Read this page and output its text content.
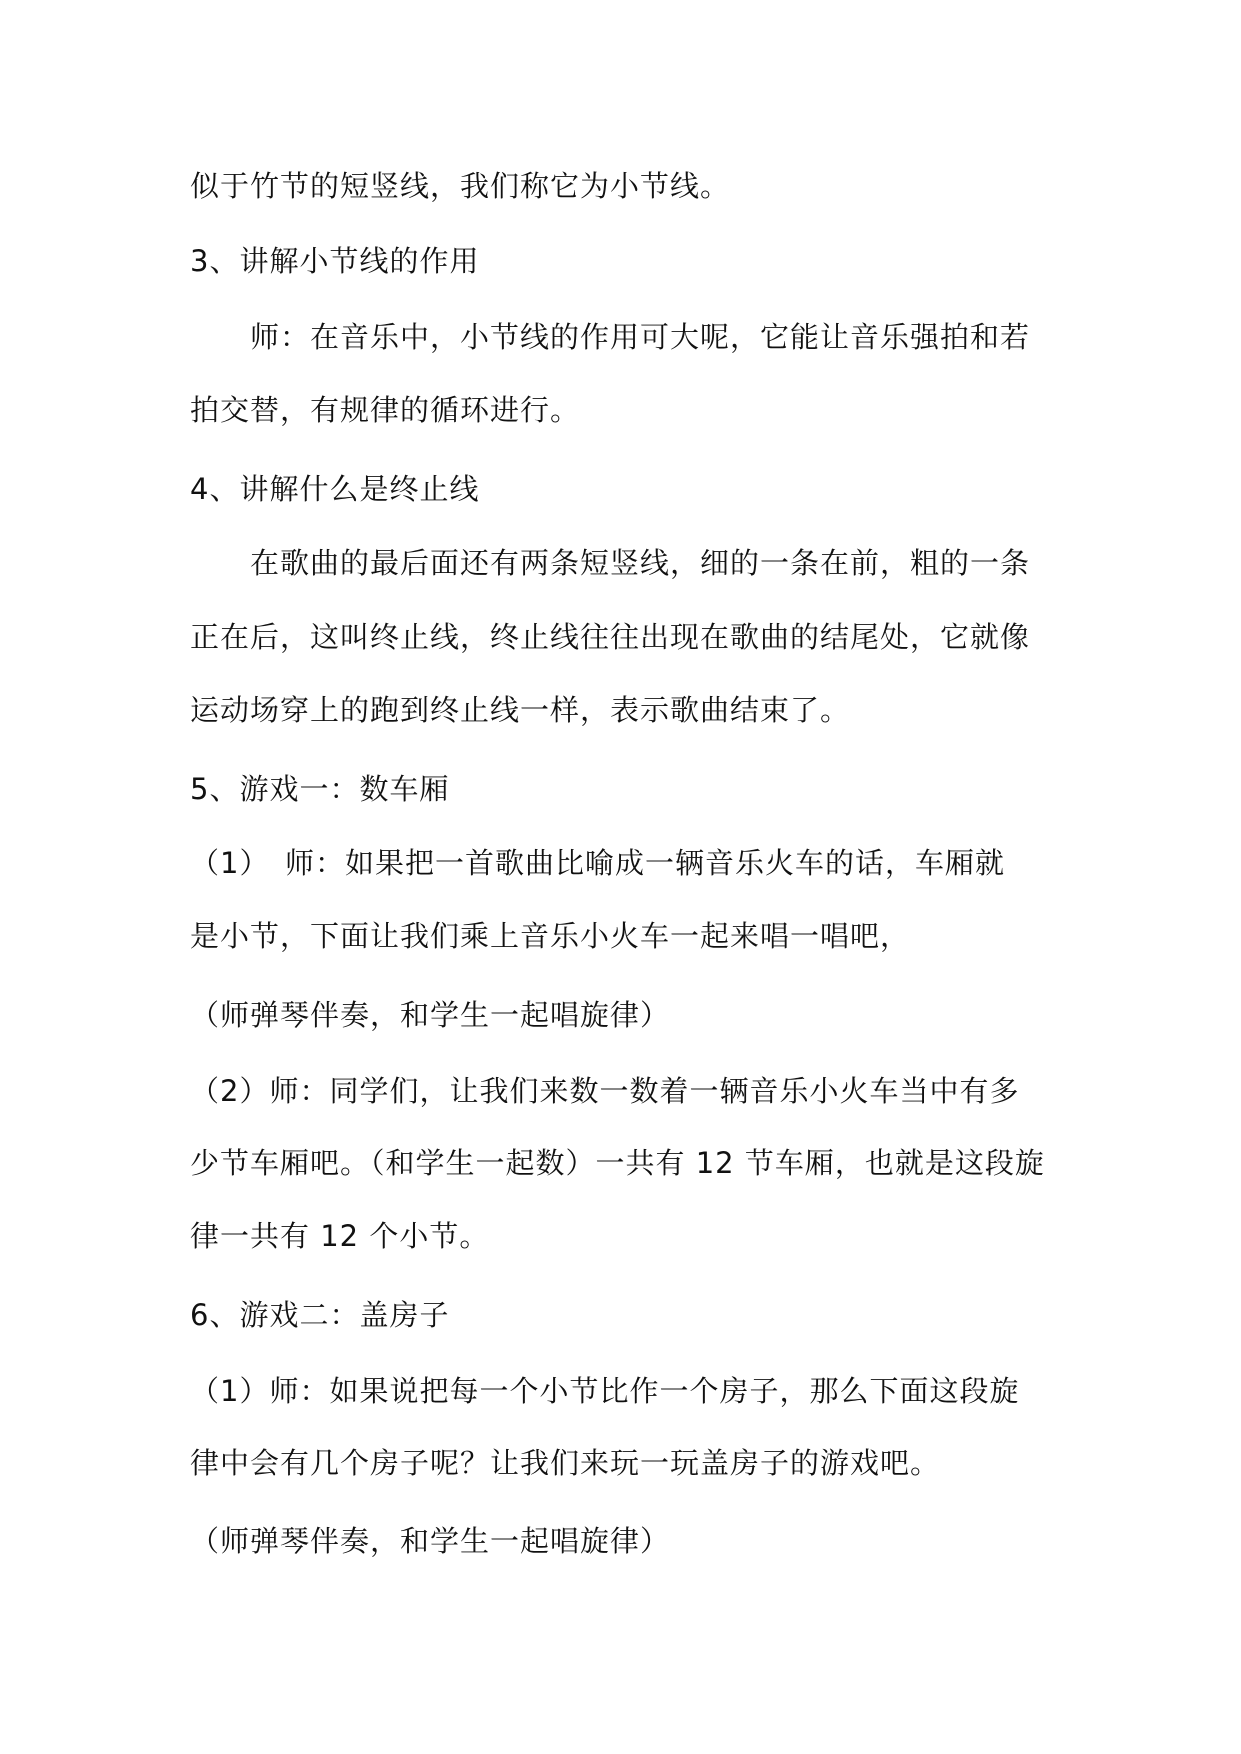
似于竹节的短竖线，我们称它为小节线。
3、讲解小节线的作用
　　师：在音乐中，小节线的作用可大呢，它能让音乐强拍和若
拍交替，有规律的循环进行。
4、讲解什么是终止线
　　在歌曲的最后面还有两条短竖线，细的一条在前，粗的一条
正在后，这叫终止线，终止线往往出现在歌曲的结尾处，它就像
运动场穿上的跑到终止线一样，表示歌曲结束了。
5、游戏一：数车厢
（1）　师：如果把一首歌曲比喻成一辆音乐火车的话，车厢就
是小节，下面让我们乘上音乐小火车一起来唱一唱吧，
（师弹琴伴奏，和学生一起唱旋律）
（2）师：同学们，让我们来数一数着一辆音乐小火车当中有多
少节车厢吧。（和学生一起数）一共有 12 节车厢，也就是这段旋
律一共有 12 个小节。
6、游戏二：盖房子
（1）师：如果说把每一个小节比作一个房子，那么下面这段旋
律中会有几个房子呢？让我们来玩一玩盖房子的游戏吧。
（师弹琴伴奏，和学生一起唱旋律）
